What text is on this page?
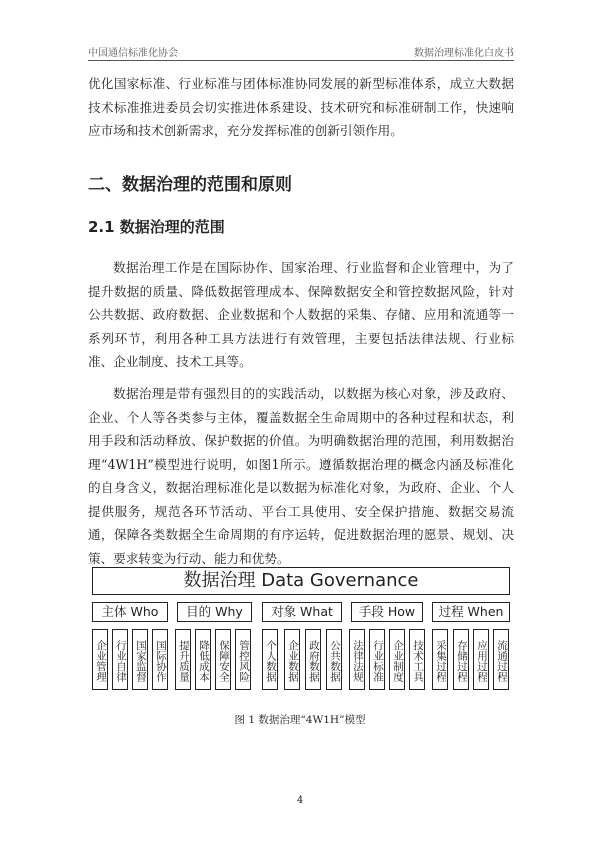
中国通信标准化协会	数据治理标准化白皮书

优化国家标准、行业标准与团体标准协同发展的新型标准体系，成立大数据技术标准推进委员会切实推进体系建设、技术研究和标准研制工作，快速响应市场和技术创新需求，充分发挥标准的创新引领作用。

二、数据治理的范围和原则
2.1 数据治理的范围

数据治理工作是在国际协作、国家治理、行业监督和企业管理中，为了提升数据的质量、降低数据管理成本、保障数据安全和管控数据风险，针对公共数据、政府数据、企业数据和个人数据的采集、存储、应用和流通等一系列环节，利用各种工具方法进行有效管理，主要包括法律法规、行业标准、企业制度、技术工具等。

数据治理是带有强烈目的的实践活动，以数据为核心对象，涉及政府、企业、个人等各类参与主体，覆盖数据全生命周期中的各种过程和状态，利用手段和活动释放、保护数据的价值。为明确数据治理的范围，利用数据治理“4W1H”模型进行说明，如图1所示。遵循数据治理的概念内涵及标准化的自身含义，数据治理标准化是以数据为标准化对象，为政府、企业、个人提供服务，规范各环节活动、平台工具使用、安全保护措施、数据交易流通，保障各类数据全生命周期的有序运转，促进数据治理的愿景、规划、决策、要求转变为行动、能力和优势。

数据治理 Data Governance
主体 Who	目的 Why	对象 What	手段 How	过程 When
企业管理 行业自律 国家监督 国际协作 提升质量 降低成本 保障安全 管控风险 个人数据 企业数据 政府数据 公共数据 法律法规 行业标准 企业制度 技术工具 采集过程 存储过程 应用过程 流通过程
图 1 数据治理“4W1H”模型
4
